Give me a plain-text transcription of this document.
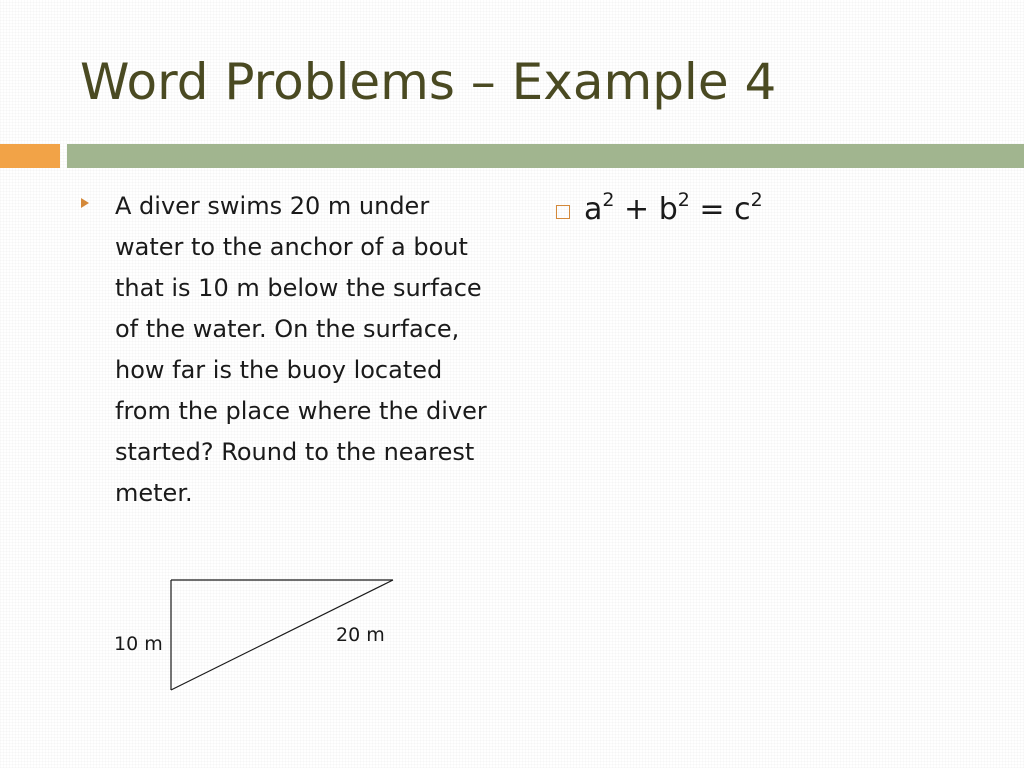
Word Problems – Example 4

A diver swims 20 m under water to the anchor of a bout that is 10 m below the surface of the water. On the surface, how far is the buoy located from the place where the diver started? Round to the nearest meter.

$a^2 + b^2 = c^2$
10 m	20 m
